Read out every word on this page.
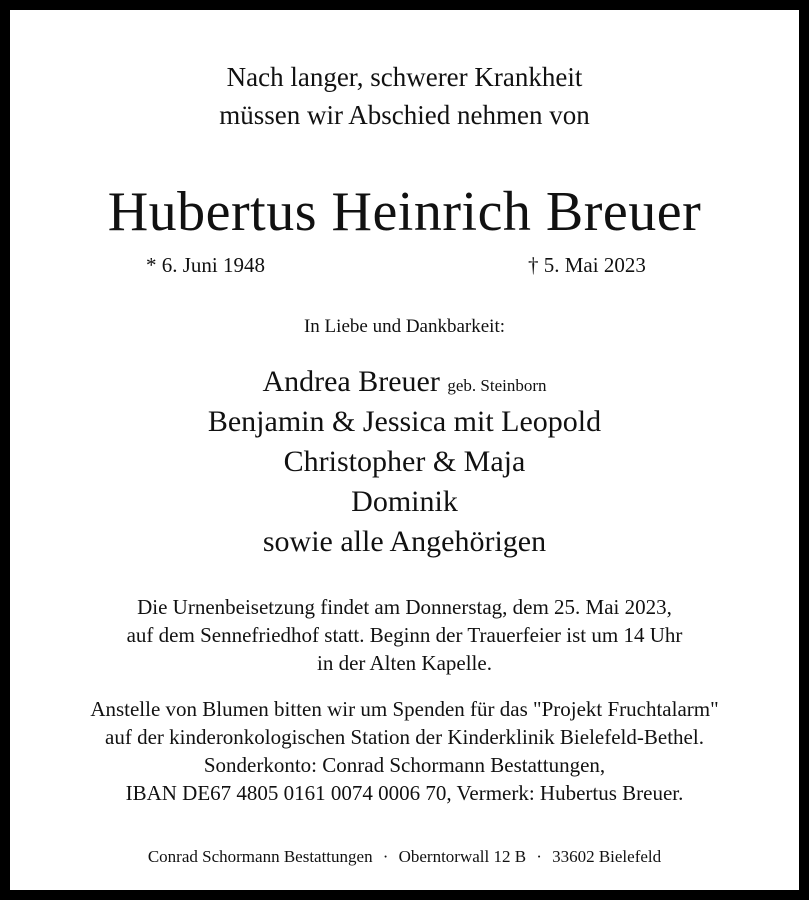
Nach langer, schwerer Krankheit
müssen wir Abschied nehmen von
Hubertus Heinrich Breuer
* 6. Juni 1948	† 5. Mai 2023
In Liebe und Dankbarkeit:
Andrea Breuer geb. Steinborn
Benjamin & Jessica mit Leopold
Christopher & Maja
Dominik
sowie alle Angehörigen
Die Urnenbeisetzung findet am Donnerstag, dem 25. Mai 2023,
auf dem Sennefriedhof statt. Beginn der Trauerfeier ist um 14 Uhr
in der Alten Kapelle.
Anstelle von Blumen bitten wir um Spenden für das "Projekt Fruchtalarm"
auf der kinderonkologischen Station der Kinderklinik Bielefeld-Bethel.
Sonderkonto: Conrad Schormann Bestattungen,
IBAN DE67 4805 0161 0074 0006 70, Vermerk: Hubertus Breuer.
Conrad Schormann Bestattungen · Oberntorwall 12 B · 33602 Bielefeld
